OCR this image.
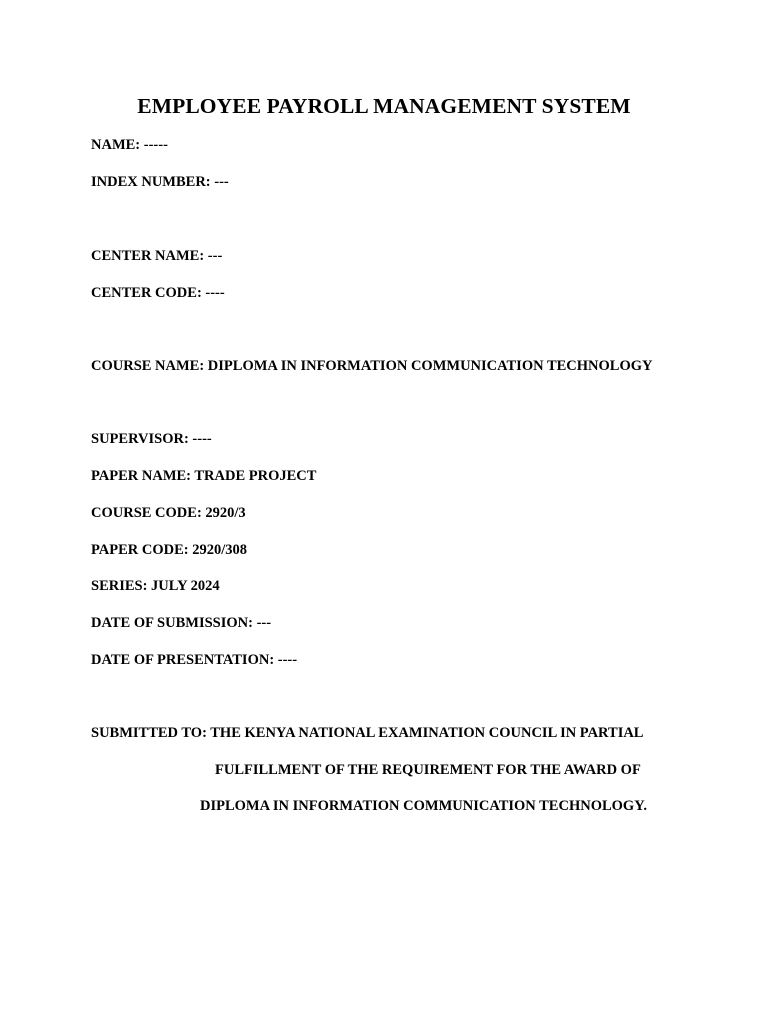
EMPLOYEE PAYROLL MANAGEMENT SYSTEM
NAME: -----
INDEX NUMBER: ---
CENTER NAME: ---
CENTER CODE: ----
COURSE NAME: DIPLOMA IN INFORMATION COMMUNICATION TECHNOLOGY
SUPERVISOR: ----
PAPER NAME: TRADE PROJECT
COURSE CODE: 2920/3
PAPER CODE: 2920/308
SERIES: JULY 2024
DATE OF SUBMISSION: ---
DATE OF PRESENTATION: ----
SUBMITTED TO: THE KENYA NATIONAL EXAMINATION COUNCIL IN PARTIAL
FULFILLMENT OF THE REQUIREMENT FOR THE AWARD OF
DIPLOMA IN INFORMATION COMMUNICATION TECHNOLOGY.
